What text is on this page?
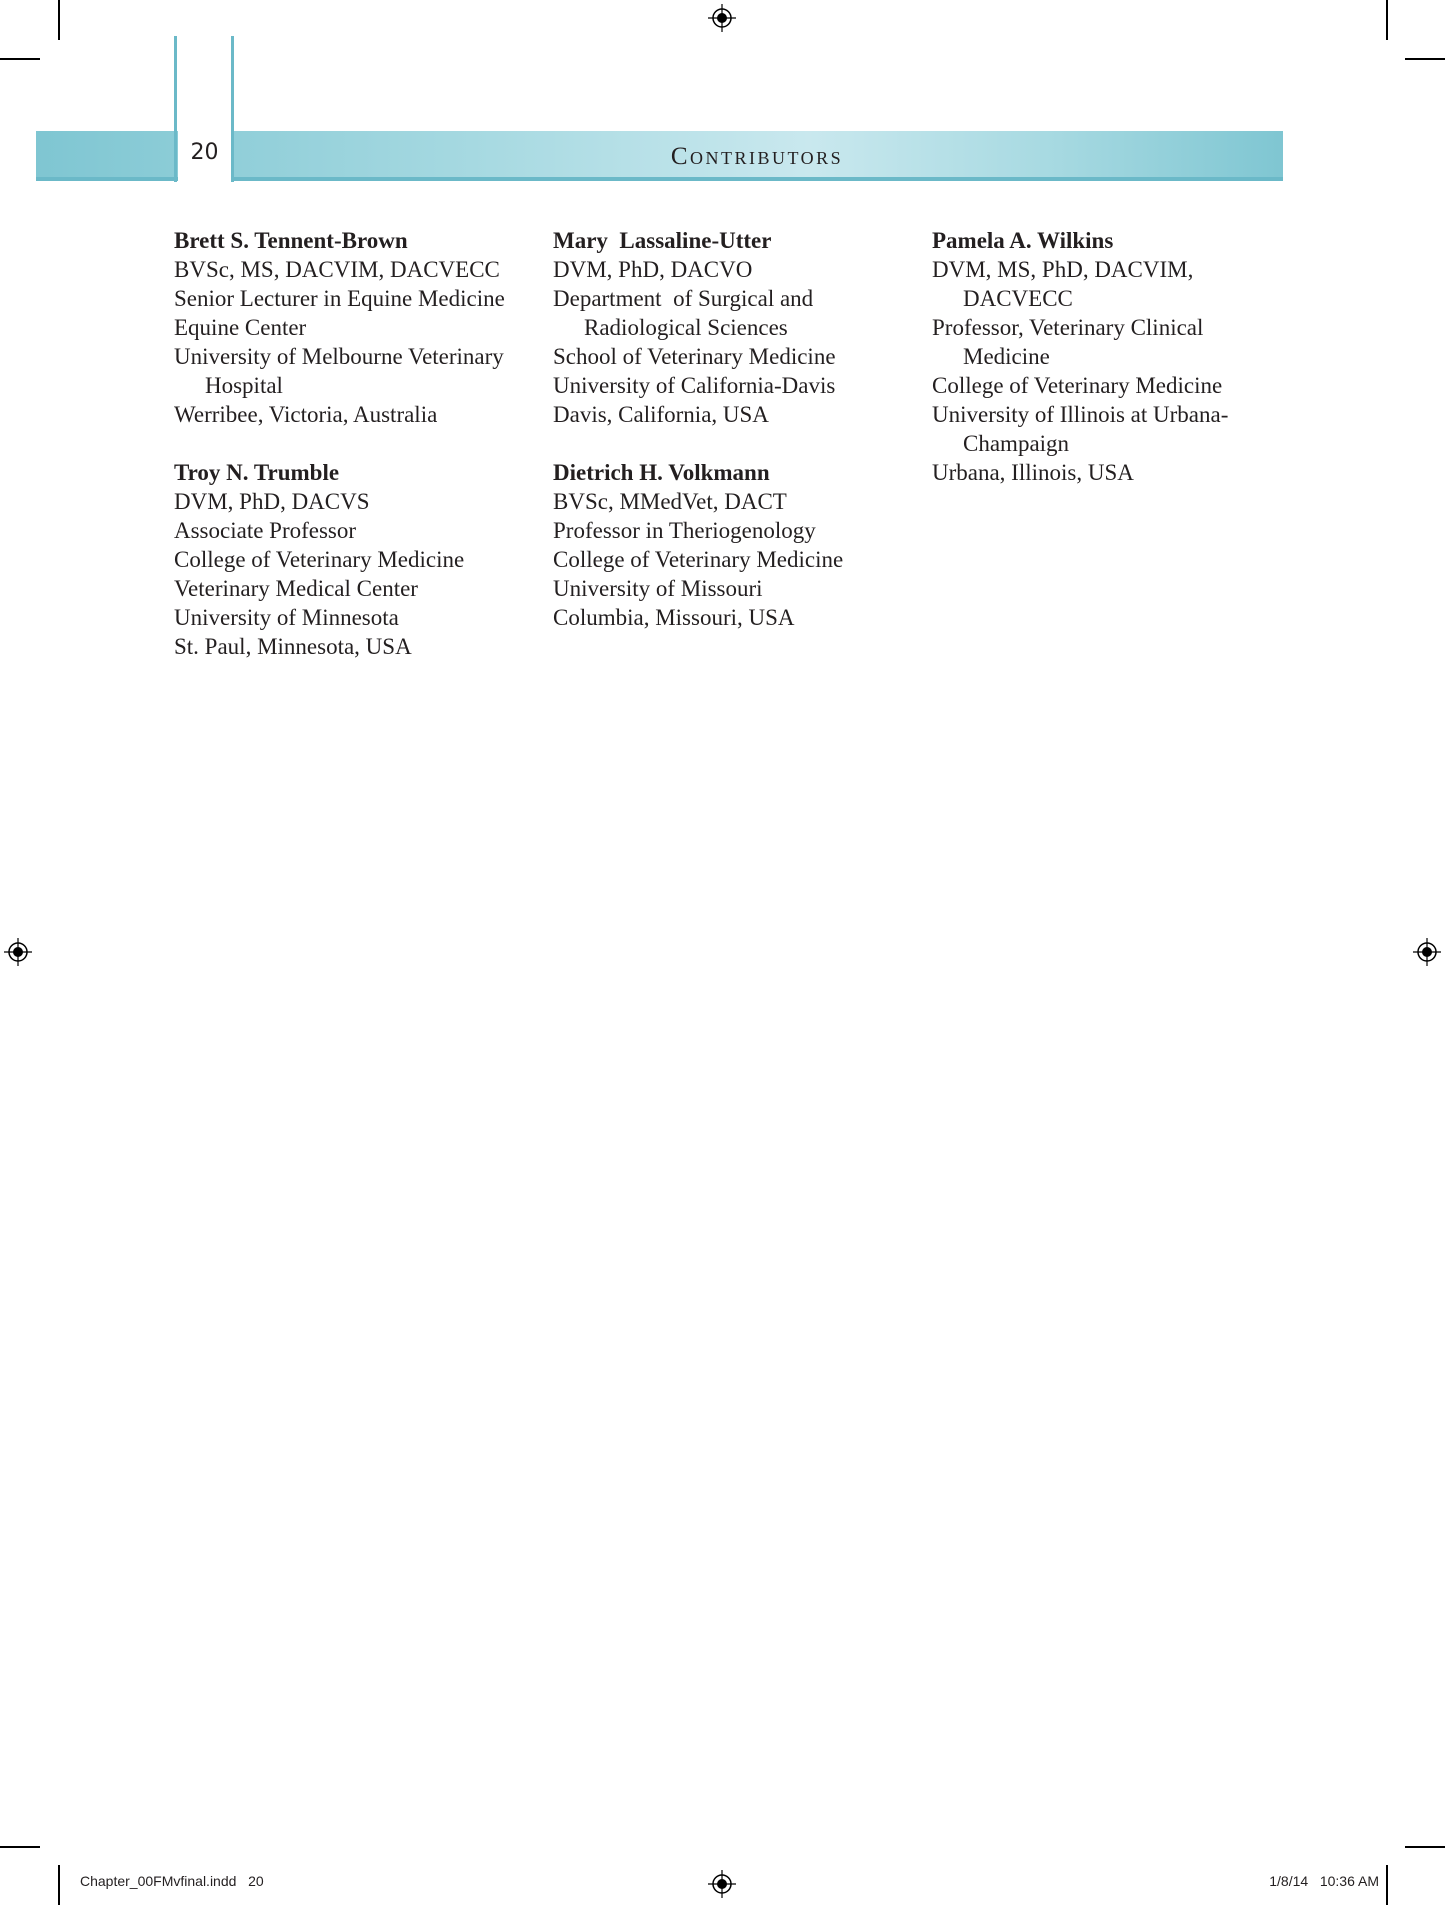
20	Contributors
Brett S. Tennent-Brown
BVSc, MS, DACVIM, DACVECC
Senior Lecturer in Equine Medicine
Equine Center
University of Melbourne Veterinary Hospital
Werribee, Victoria, Australia
Troy N. Trumble
DVM, PhD, DACVS
Associate Professor
College of Veterinary Medicine
Veterinary Medical Center
University of Minnesota
St. Paul, Minnesota, USA
Mary  Lassaline-Utter
DVM, PhD, DACVO
Department  of Surgical and Radiological Sciences
School of Veterinary Medicine
University of California-Davis
Davis, California, USA
Dietrich H. Volkmann
BVSc, MMedVet, DACT
Professor in Theriogenology
College of Veterinary Medicine
University of Missouri
Columbia, Missouri, USA
Pamela A. Wilkins
DVM, MS, PhD, DACVIM, DACVECC
Professor, Veterinary Clinical Medicine
College of Veterinary Medicine
University of Illinois at Urbana-Champaign
Urbana, Illinois, USA
Chapter_00FMvfinal.indd   20	1/8/14   10:36 AM
